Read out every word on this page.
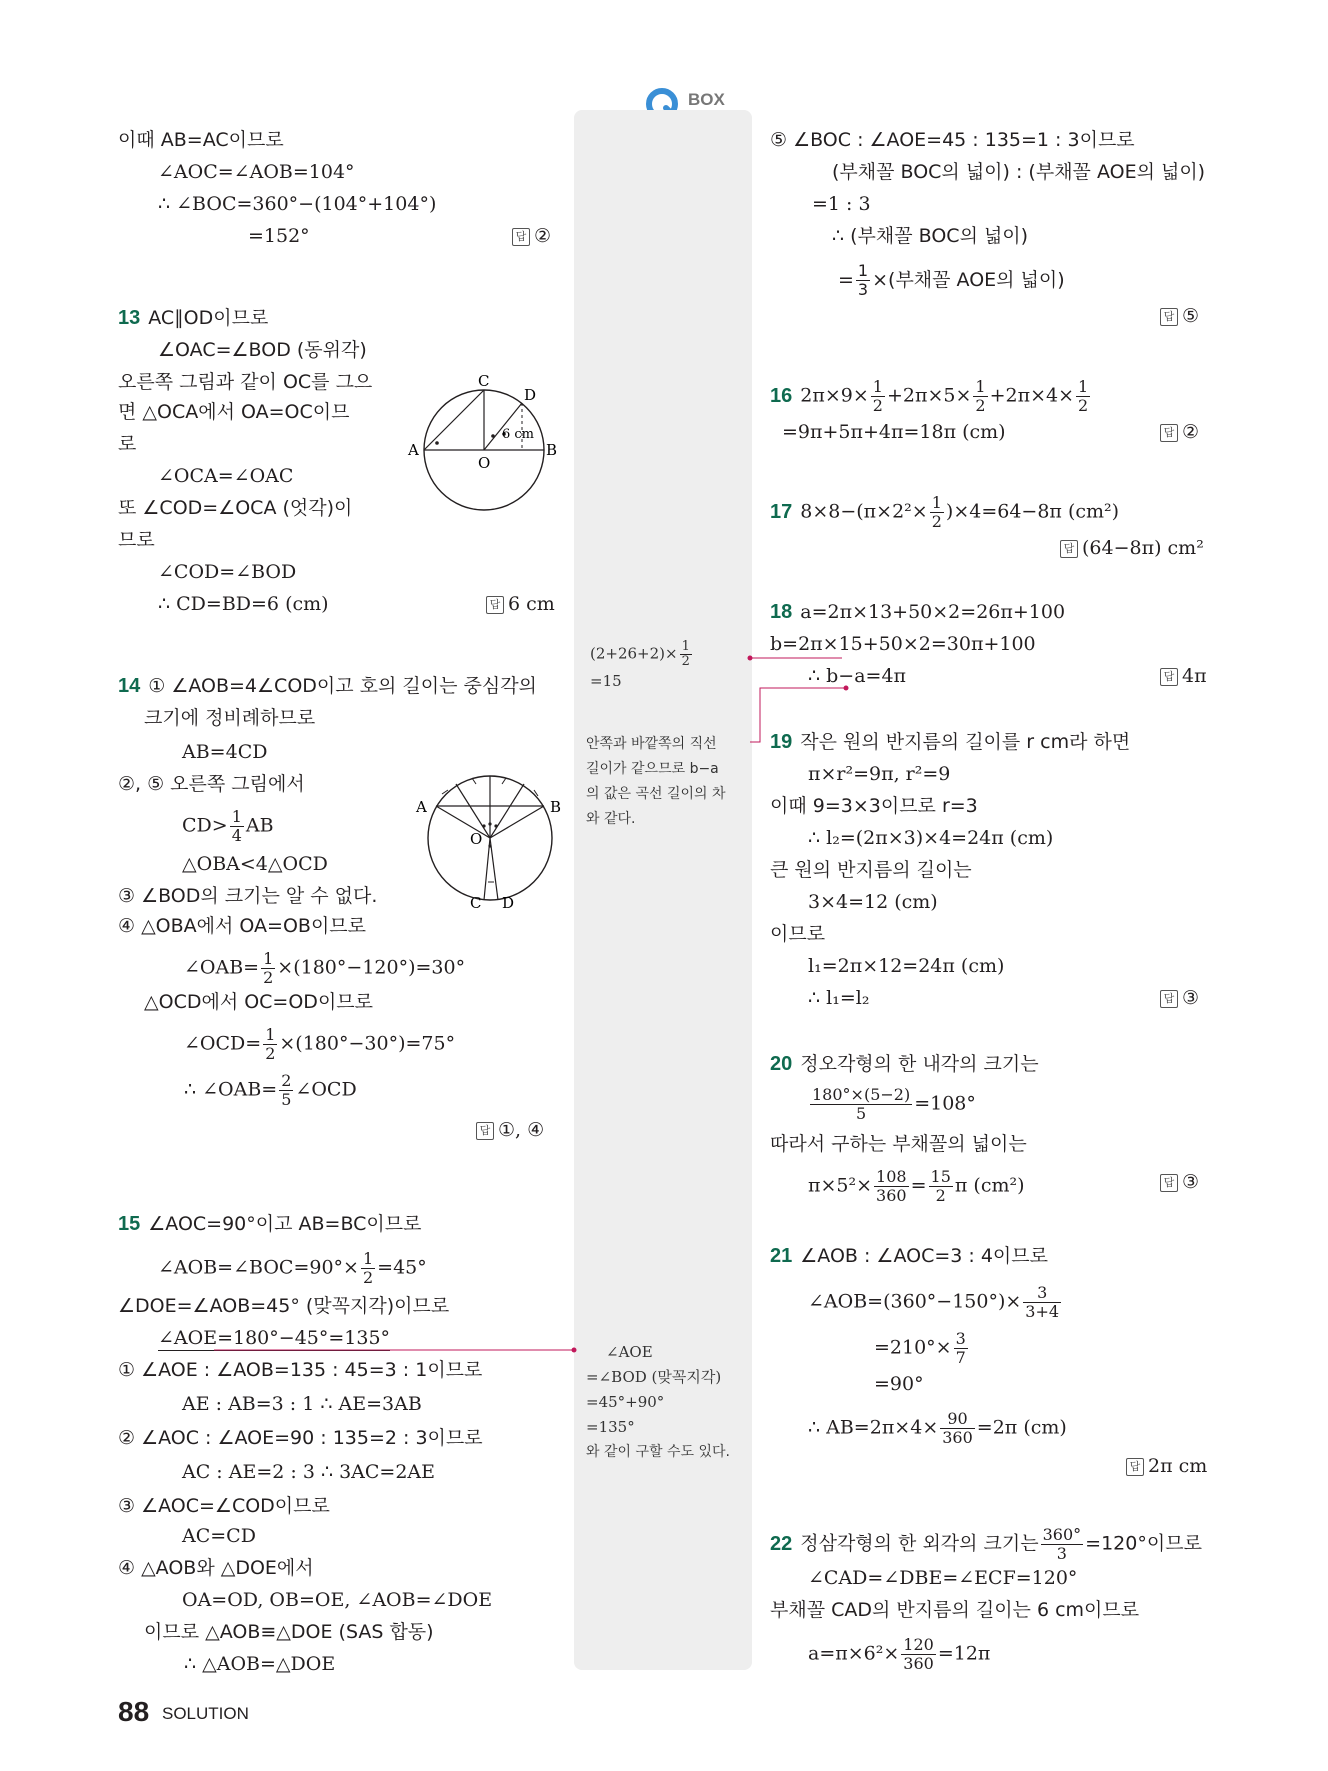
BOX
이때 AB=AC이므로
∠AOC=∠AOB=104°
∴ ∠BOC=360°−(104°+104°)
=152°	답 ②
13 AC∥OD이므로
∠OAC=∠BOD (동위각)
오른쪽 그림과 같이 OC를 그으
면 △OCA에서 OA=OC이므
로
∠OCA=∠OAC
또 ∠COD=∠OCA (엇각)이
므로
∠COD=∠BOD
∴ CD=BD=6 (cm)	답 6 cm
A	B
C
D
O
6 cm
14 ① ∠AOB=4∠COD이고 호의 길이는 중심각의
크기에 정비례하므로
AB=4CD
②, ⑤ 오른쪽 그림에서
$CD> \frac{1}{4}$ AB
△OBA<4△OCD
③ ∠BOD의 크기는 알 수 없다.
④ △OBA에서 OA=OB이므로
∠OAB= $\frac{1}{2} \times(180^\circ-120^\circ)=30^\circ$
△OCD에서 OC=OD이므로
∠OCD= $\frac{1}{2} \times(180^\circ-30^\circ)=75^\circ$
∴ ∠OAB= $\frac{2}{5}$ ∠OCD
답 ①, ④
A	B
C D
O
15 ∠AOC=90°이고 AB=BC이므로
∠AOB=∠BOC=90°× $\frac{1}{2} =45^\circ$
∠DOE=∠AOB=45° (맞꼭지각)이므로
∠AOE=180°−45°=135°
① ∠AOE : ∠AOB=135 : 45=3 : 1이므로
AE : AB=3 : 1 ∴ AE=3AB
② ∠AOC : ∠AOE=90 : 135=2 : 3이므로
AC : AE=2 : 3 ∴ 3AC=2AE
③ ∠AOC=∠COD이므로
AC=CD
④ △AOB와 △DOE에서
OA=OD, OB=OE, ∠AOB=∠DOE
이므로 △AOB≡△DOE (SAS 합동)
∴ △AOB=△DOE
$(2+26+2)\times \frac{1}{2}$
=15
안쪽과 바깥쪽의 직선
길이가 같으므로 b−a
의 값은 곡선 길이의 차
와 같다.
∠AOE
=∠BOD (맞꼭지각)
=45°+90°
=135°
와 같이 구할 수도 있다.
⑤ ∠BOC : ∠AOE=45 : 135=1 : 3이므로
(부채꼴 BOC의 넓이) : (부채꼴 AOE의 넓이)
=1 : 3
∴ (부채꼴 BOC의 넓이)
= $\frac{1}{3}$ ×(부채꼴 AOE의 넓이)
답 ⑤
16 $2\pi\times 9\times \frac{1}{2} +2\pi\times 5\times \frac{1}{2} +2\pi\times 4\times \frac{1}{2}$
=9π+5π+4π=18π (cm)	답 ②
17 $8\times 8-(\pi\times 2^2\times \frac{1}{2} )\times 4=64-8\pi$ (cm²)
답 (64−8π) cm²
18 a=2π×13+50×2=26π+100
b=2π×15+50×2=30π+100
∴ b−a=4π	답 4π
19 작은 원의 반지름의 길이를 r cm라 하면
π×r²=9π, r²=9
이때 9=3×3이므로 r=3
∴ l₂=(2π×3)×4=24π (cm)
큰 원의 반지름의 길이는
3×4=12 (cm)
이므로
l₁=2π×12=24π (cm)
∴ l₁=l₂	답 ③
20 정오각형의 한 내각의 크기는
$\frac{180^\circ\times(5-2)}{5} =108^\circ$
따라서 구하는 부채꼴의 넓이는
$\pi\times 5^2\times \frac{108}{360} = \frac{15}{2}$ π (cm²)	답 ③
21 ∠AOB : ∠AOC=3 : 4이므로
∠AOB=(360°−150°)× $\frac{3}{3+4}$
$=210^\circ\times \frac{3}{7}$
=90°
∴ $AB=2\pi\times 4\times \frac{90}{360} =2\pi$ (cm)
답 2π cm
22 정삼각형의 한 외각의 크기는 $\frac{360^\circ}{3} =120^\circ$이므로
∠CAD=∠DBE=∠ECF=120°
부채꼴 CAD의 반지름의 길이는 6 cm이므로
$a=\pi\times 6^2\times \frac{120}{360} =12\pi$
88 SOLUTION
